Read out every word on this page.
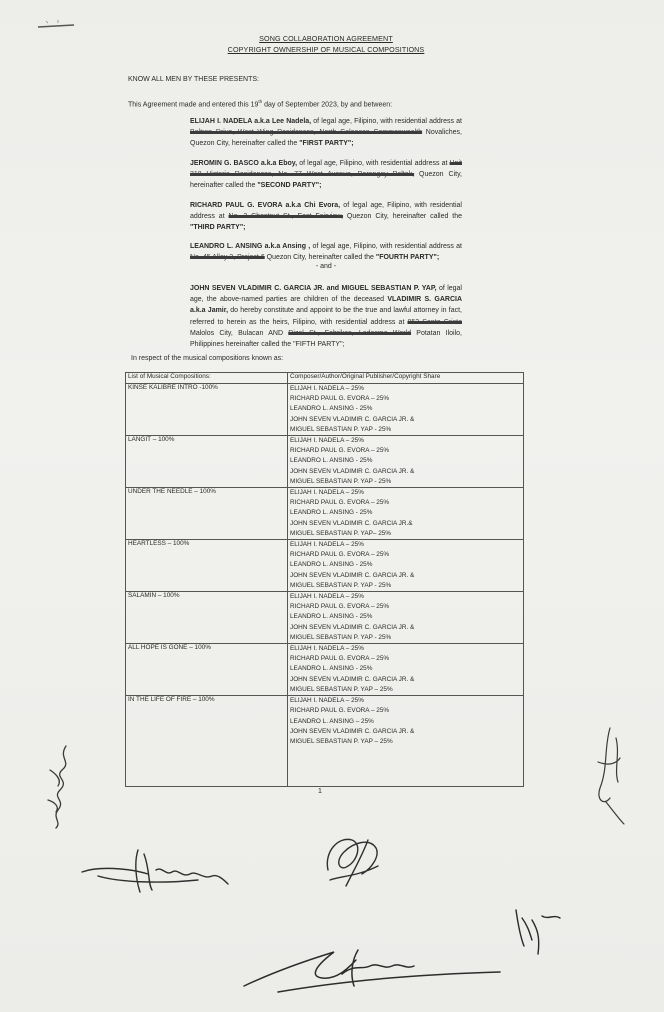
SONG COLLABORATION AGREEMENT
COPYRIGHT OWNERSHIP OF MUSICAL COMPOSITIONS
KNOW ALL MEN BY THESE PRESENTS:
This Agreement made and entered this 19th day of September 2023, by and between:
ELIJAH I. NADELA a.k.a Lee Nadela, of legal age, Filipino, with residential address at Beltran Drive, West Wing Residences, North Caloocan Commonwealth Novaliches, Quezon City, hereinafter called the "FIRST PARTY";
JEROMIN G. BASCO a.k.a Eboy, of legal age, Filipino, with residential address at Unit 318 Victoria Residences, No. 77 West Avenue, Barangay Paltok, Quezon City, hereinafter called the "SECOND PARTY";
RICHARD PAUL G. EVORA a.k.a Chi Evora, of legal age, Filipino, with residential address at No. 3 Chestnut St., East Fairview, Quezon City, hereinafter called the "THIRD PARTY";
LEANDRO L. ANSING a.k.a Ansing , of legal age, Filipino, with residential address at No. 45 Alley 2, Project 6 Quezon City, hereinafter called the "FOURTH PARTY";
- and -
JOHN SEVEN VLADIMIR C. GARCIA JR. and MIGUEL SEBASTIAN P. YAP, of legal age, the above-named parties are children of the deceased VLADIMIR S. GARCIA a.k.a Jamir, do hereby constitute and appoint to be the true and lawful attorney in fact, referred to herein as the heirs, Filipino, with residential address at 853 Santo Cristo Malolos City, Bulacan AND Rizal St., Fabrikas, Ledesma World Potatan Iloilo, Philippines hereinafter called the "FIFTH PARTY";
In respect of the musical compositions known as:
List of Musical Compositions:	Composer/Author/Original Publisher/Copyright Share
KINSE KALIBRE INTRO -100%	ELIJAH I. NADELA – 25%
RICHARD PAUL G. EVORA – 25%
LEANDRO L. ANSING - 25%
JOHN SEVEN VLADIMIR C. GARCIA JR. &
MIGUEL SEBASTIAN P. YAP - 25%

LANGIT – 100%	ELIJAH I. NADELA – 25%
RICHARD PAUL G. EVORA – 25%
LEANDRO L. ANSING - 25%
JOHN SEVEN VLADIMIR C. GARCIA JR. &
MIGUEL SEBASTIAN P. YAP - 25%

UNDER THE NEEDLE – 100%	ELIJAH I. NADELA – 25%
RICHARD PAUL G. EVORA – 25%
LEANDRO L. ANSING - 25%
JOHN SEVEN VLADIMIR C. GARCIA JR.&
MIGUEL SEBASTIAN P. YAP– 25%

HEARTLESS – 100%	ELIJAH I. NADELA – 25%
RICHARD PAUL G. EVORA – 25%
LEANDRO L. ANSING - 25%
JOHN SEVEN VLADIMIR C. GARCIA JR. &
MIGUEL SEBASTIAN P. YAP - 25%

SALAMIN – 100%	ELIJAH I. NADELA – 25%
RICHARD PAUL G. EVORA – 25%
LEANDRO L. ANSING - 25%
JOHN SEVEN VLADIMIR C. GARCIA JR. &
MIGUEL SEBASTIAN P. YAP - 25%

ALL HOPE IS GONE – 100%	ELIJAH I. NADELA – 25%
RICHARD PAUL G. EVORA – 25%
LEANDRO L. ANSING - 25%
JOHN SEVEN VLADIMIR C. GARCIA JR. &
MIGUEL SEBASTIAN P. YAP – 25%

IN THE LIFE OF FIRE – 100%	ELIJAH I. NADELA – 25%
RICHARD PAUL G. EVORA – 25%
LEANDRO L. ANSING – 25%
JOHN SEVEN VLADIMIR C. GARCIA JR. &
MIGUEL SEBASTIAN P. YAP – 25%
1
